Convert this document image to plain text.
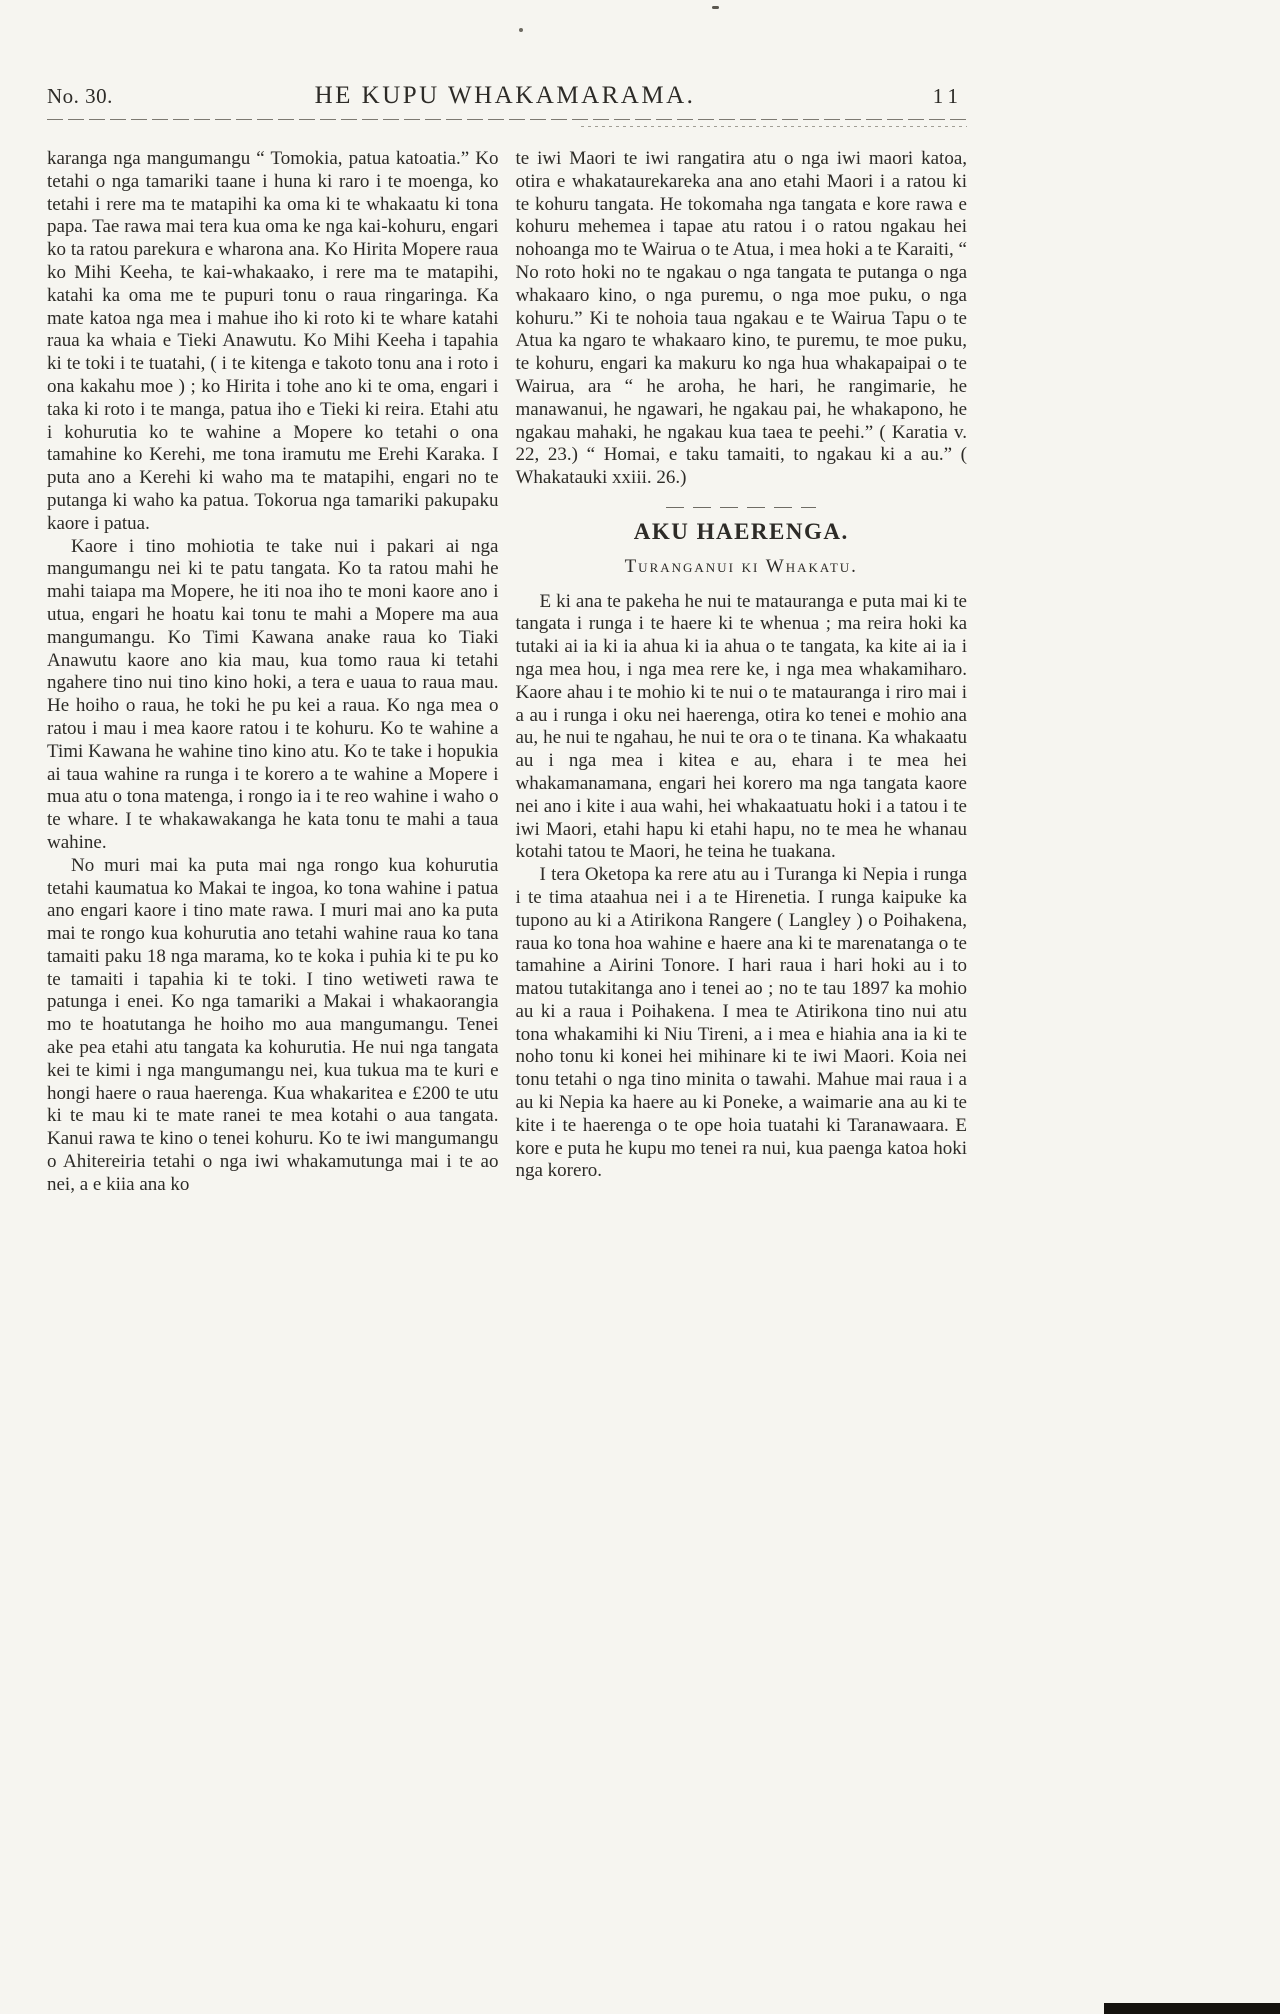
No. 30.	HE KUPU WHAKAMARAMA.	11

karanga nga mangumangu “ Tomokia, patua katoatia.” Ko tetahi o nga tamariki taane i huna ki raro i te moenga, ko tetahi i rere ma te matapihi ka oma ki te whakaatu ki tona papa. Tae rawa mai tera kua oma ke nga kai-kohuru, engari ko ta ratou parekura e wharona ana. Ko Hirita Mopere raua ko Mihi Keeha, te kai-whakaako, i rere ma te matapihi, katahi ka oma me te pupuri tonu o raua ringaringa. Ka mate katoa nga mea i mahue iho ki roto ki te whare katahi raua ka whaia e Tieki Anawutu. Ko Mihi Keeha i tapahia ki te toki i te tuatahi, ( i te kitenga e takoto tonu ana i roto i ona kakahu moe ) ; ko Hirita i tohe ano ki te oma, engari i taka ki roto i te manga, patua iho e Tieki ki reira. Etahi atu i kohurutia ko te wahine a Mopere ko tetahi o ona tamahine ko Kerehi, me tona iramutu me Erehi Karaka. I puta ano a Kerehi ki waho ma te matapihi, engari no te putanga ki waho ka patua. Tokorua nga tamariki pakupaku kaore i patua.

Kaore i tino mohiotia te take nui i pakari ai nga mangumangu nei ki te patu tangata. Ko ta ratou mahi he mahi taiapa ma Mopere, he iti noa iho te moni kaore ano i utua, engari he hoatu kai tonu te mahi a Mopere ma aua mangumangu. Ko Timi Kawana anake raua ko Tiaki Anawutu kaore ano kia mau, kua tomo raua ki tetahi ngahere tino nui tino kino hoki, a tera e uaua to raua mau. He hoiho o raua, he toki he pu kei a raua. Ko nga mea o ratou i mau i mea kaore ratou i te kohuru. Ko te wahine a Timi Kawana he wahine tino kino atu. Ko te take i hopukia ai taua wahine ra runga i te korero a te wahine a Mopere i mua atu o tona matenga, i rongo ia i te reo wahine i waho o te whare. I te whakawakanga he kata tonu te mahi a taua wahine.

No muri mai ka puta mai nga rongo kua kohurutia tetahi kaumatua ko Makai te ingoa, ko tona wahine i patua ano engari kaore i tino mate rawa. I muri mai ano ka puta mai te rongo kua kohurutia ano tetahi wahine raua ko tana tamaiti paku 18 nga marama, ko te koka i puhia ki te pu ko te tamaiti i tapahia ki te toki. I tino wetiweti rawa te patunga i enei. Ko nga tamariki a Makai i whakaorangia mo te hoatutanga he hoiho mo aua mangumangu. Tenei ake pea etahi atu tangata ka kohurutia. He nui nga tangata kei te kimi i nga mangumangu nei, kua tukua ma te kuri e hongi haere o raua haerenga. Kua whakaritea e £200 te utu ki te mau ki te mate ranei te mea kotahi o aua tangata. Kanui rawa te kino o tenei kohuru. Ko te iwi mangumangu o Ahitereiria tetahi o nga iwi whakamutunga mai i te ao nei, a e kiia ana ko

te iwi Maori te iwi rangatira atu o nga iwi maori katoa, otira e whakataurekareka ana ano etahi Maori i a ratou ki te kohuru tangata. He tokomaha nga tangata e kore rawa e kohuru mehemea i tapae atu ratou i o ratou ngakau hei nohoanga mo te Wairua o te Atua, i mea hoki a te Karaiti, “ No roto hoki no te ngakau o nga tangata te putanga o nga whakaaro kino, o nga puremu, o nga moe puku, o nga kohuru.” Ki te nohoia taua ngakau e te Wairua Tapu o te Atua ka ngaro te whakaaro kino, te puremu, te moe puku, te kohuru, engari ka makuru ko nga hua whakapaipai o te Wairua, ara “ he aroha, he hari, he rangimarie, he manawanui, he ngawari, he ngakau pai, he whakapono, he ngakau mahaki, he ngakau kua taea te peehi.” ( Karatia v. 22, 23.) “ Homai, e taku tamaiti, to ngakau ki a au.” ( Whakatauki xxiii. 26.)

AKU HAERENGA.
Turanganui ki Whakatu.

E ki ana te pakeha he nui te matauranga e puta mai ki te tangata i runga i te haere ki te whenua ; ma reira hoki ka tutaki ai ia ki ia ahua ki ia ahua o te tangata, ka kite ai ia i nga mea hou, i nga mea rere ke, i nga mea whakamiharo. Kaore ahau i te mohio ki te nui o te matauranga i riro mai i a au i runga i oku nei haerenga, otira ko tenei e mohio ana au, he nui te ngahau, he nui te ora o te tinana. Ka whakaatu au i nga mea i kitea e au, ehara i te mea hei whakamanamana, engari hei korero ma nga tangata kaore nei ano i kite i aua wahi, hei whakaatuatu hoki i a tatou i te iwi Maori, etahi hapu ki etahi hapu, no te mea he whanau kotahi tatou te Maori, he teina he tuakana.

I tera Oketopa ka rere atu au i Turanga ki Nepia i runga i te tima ataahua nei i a te Hirenetia. I runga kaipuke ka tupono au ki a Atirikona Rangere ( Langley ) o Poihakena, raua ko tona hoa wahine e haere ana ki te marenatanga o te tamahine a Airini Tonore. I hari raua i hari hoki au i to matou tutakitanga ano i tenei ao ; no te tau 1897 ka mohio au ki a raua i Poihakena. I mea te Atirikona tino nui atu tona whakamihi ki Niu Tireni, a i mea e hiahia ana ia ki te noho tonu ki konei hei mihinare ki te iwi Maori. Koia nei tonu tetahi o nga tino minita o tawahi. Mahue mai raua i a au ki Nepia ka haere au ki Poneke, a waimarie ana au ki te kite i te haerenga o te ope hoia tuatahi ki Taranawaara. E kore e puta he kupu mo tenei ra nui, kua paenga katoa hoki nga korero.
